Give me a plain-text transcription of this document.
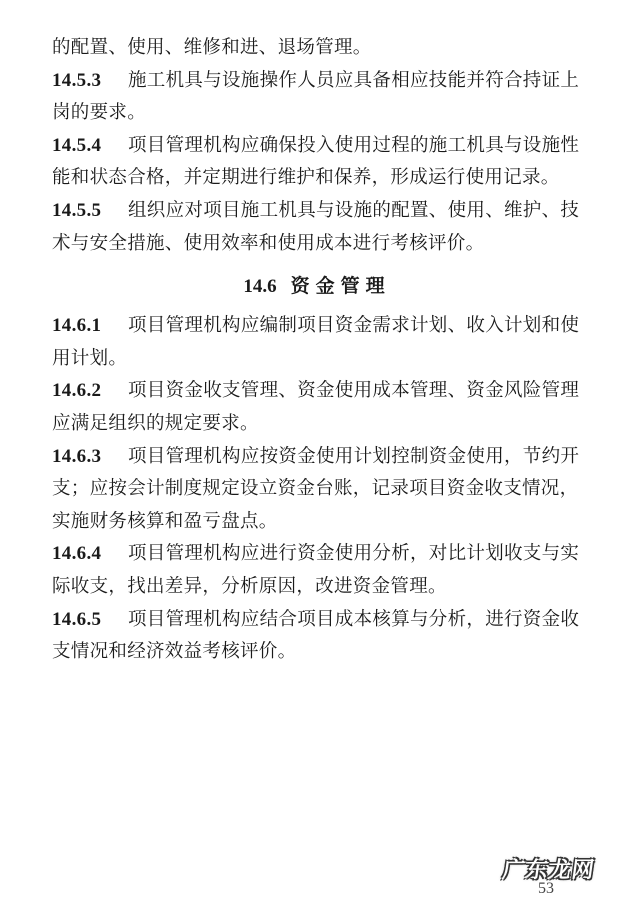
的配置、使用、维修和进、退场管理。
14.5.3 施工机具与设施操作人员应具备相应技能并符合持证上
岗的要求。
14.5.4 项目管理机构应确保投入使用过程的施工机具与设施性
能和状态合格，并定期进行维护和保养，形成运行使用记录。
14.5.5 组织应对项目施工机具与设施的配置、使用、维护、技
术与安全措施、使用效率和使用成本进行考核评价。
14.6 资金管理
14.6.1 项目管理机构应编制项目资金需求计划、收入计划和使
用计划。
14.6.2 项目资金收支管理、资金使用成本管理、资金风险管理
应满足组织的规定要求。
14.6.3 项目管理机构应按资金使用计划控制资金使用，节约开
支；应按会计制度规定设立资金台账，记录项目资金收支情况，
实施财务核算和盈亏盘点。
14.6.4 项目管理机构应进行资金使用分析，对比计划收支与实
际收支，找出差异，分析原因，改进资金管理。
14.6.5 项目管理机构应结合项目成本核算与分析，进行资金收
支情况和经济效益考核评价。
广东龙网
53
